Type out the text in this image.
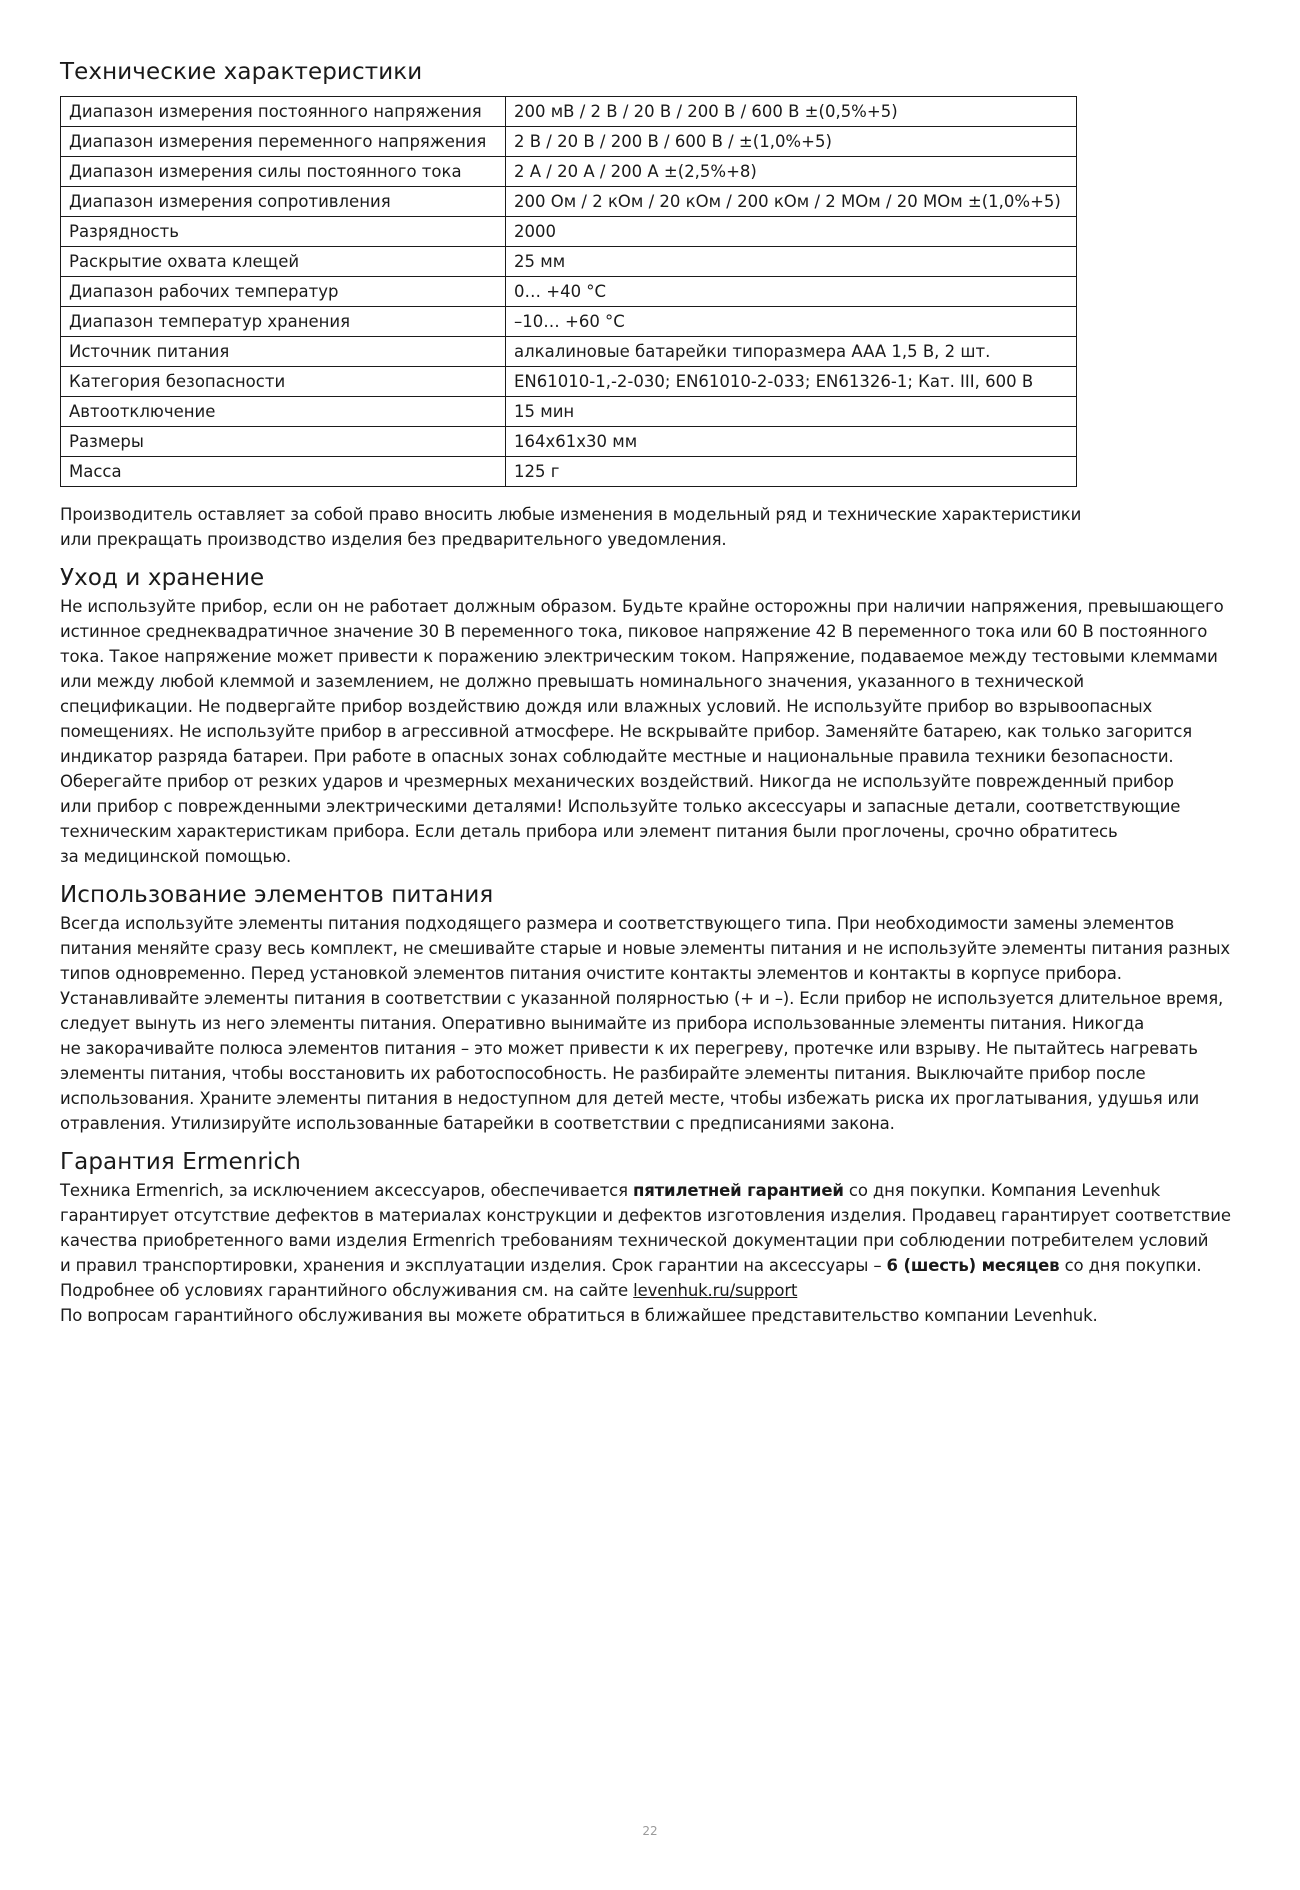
Технические характеристики
Диапазон измерения постоянного напряжения	200 мВ / 2 В / 20 В / 200 В / 600 В ±(0,5%+5)
Диапазон измерения переменного напряжения	2 В / 20 В / 200 В / 600 В / ±(1,0%+5)
Диапазон измерения силы постоянного тока	2 А / 20 А / 200 А ±(2,5%+8)
Диапазон измерения сопротивления	200 Ом / 2 кОм / 20 кОм / 200 кОм / 2 МОм / 20 МОм ±(1,0%+5)
Разрядность	2000
Раскрытие охвата клещей	25 мм
Диапазон рабочих температур	0… +40 °С
Диапазон температур хранения	–10… +60 °С
Источник питания	алкалиновые батарейки типоразмера AAA 1,5 В, 2 шт.
Категория безопасности	EN61010-1,-2-030; EN61010-2-033; EN61326-1; Кат. III, 600 В
Автоотключение	15 мин
Размеры	164x61x30 мм
Масса	125 г

Производитель оставляет за собой право вносить любые изменения в модельный ряд и технические характеристики
или прекращать производство изделия без предварительного уведомления.

Уход и хранение

Не используйте прибор, если он не работает должным образом. Будьте крайне осторожны при наличии напряжения, превышающего
истинное среднеквадратичное значение 30 В переменного тока, пиковое напряжение 42 В переменного тока или 60 В постоянного
тока. Такое напряжение может привести к поражению электрическим током. Напряжение, подаваемое между тестовыми клеммами
или между любой клеммой и заземлением, не должно превышать номинального значения, указанного в технической
спецификации. Не подвергайте прибор воздействию дождя или влажных условий. Не используйте прибор во взрывоопасных
помещениях. Не используйте прибор в агрессивной атмосфере. Не вскрывайте прибор. Заменяйте батарею, как только загорится
индикатор разряда батареи. При работе в опасных зонах соблюдайте местные и национальные правила техники безопасности.
Оберегайте прибор от резких ударов и чрезмерных механических воздействий. Никогда не используйте поврежденный прибор
или прибор с поврежденными электрическими деталями! Используйте только аксессуары и запасные детали, соответствующие
техническим характеристикам прибора. Если деталь прибора или элемент питания были проглочены, срочно обратитесь
за медицинской помощью.

Использование элементов питания

Всегда используйте элементы питания подходящего размера и соответствующего типа. При необходимости замены элементов
питания меняйте сразу весь комплект, не смешивайте старые и новые элементы питания и не используйте элементы питания разных
типов одновременно. Перед установкой элементов питания очистите контакты элементов и контакты в корпусе прибора.
Устанавливайте элементы питания в соответствии с указанной полярностью (+ и –). Если прибор не используется длительное время,
следует вынуть из него элементы питания. Оперативно вынимайте из прибора использованные элементы питания. Никогда
не закорачивайте полюса элементов питания – это может привести к их перегреву, протечке или взрыву. Не пытайтесь нагревать
элементы питания, чтобы восстановить их работоспособность. Не разбирайте элементы питания. Выключайте прибор после
использования. Храните элементы питания в недоступном для детей месте, чтобы избежать риска их проглатывания, удушья или
отравления. Утилизируйте использованные батарейки в соответствии с предписаниями закона.

Гарантия Ermenrich

Техника Ermenrich, за исключением аксессуаров, обеспечивается пятилетней гарантией со дня покупки. Компания Levenhuk
гарантирует отсутствие дефектов в материалах конструкции и дефектов изготовления изделия. Продавец гарантирует соответствие
качества приобретенного вами изделия Ermenrich требованиям технической документации при соблюдении потребителем условий
и правил транспортировки, хранения и эксплуатации изделия. Срок гарантии на аксессуары – 6 (шесть) месяцев со дня покупки.
Подробнее об условиях гарантийного обслуживания см. на сайте levenhuk.ru/support
По вопросам гарантийного обслуживания вы можете обратиться в ближайшее представительство компании Levenhuk.

22
